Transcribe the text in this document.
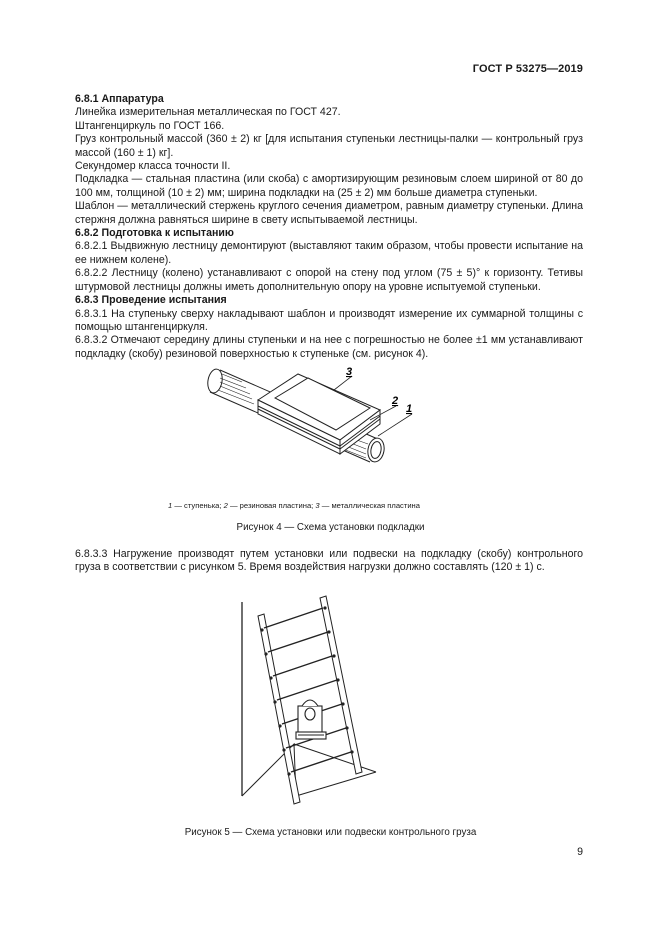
ГОСТ Р 53275—2019

6.8.1 Аппаратура

Линейка измерительная металлическая по ГОСТ 427.

Штангенциркуль по ГОСТ 166.

Груз контрольный массой (360 ± 2) кг [для испытания ступеньки лестницы-палки — контрольный груз массой (160 ± 1) кг].

Секундомер класса точности II.

Подкладка — стальная пластина (или скоба) с амортизирующим резиновым слоем шириной от 80 до 100 мм, толщиной (10 ± 2) мм; ширина подкладки на (25 ± 2) мм больше диаметра ступеньки.

Шаблон — металлический стержень круглого сечения диаметром, равным диаметру ступеньки. Длина стержня должна равняться ширине в свету испытываемой лестницы.

6.8.2 Подготовка к испытанию

6.8.2.1 Выдвижную лестницу демонтируют (выставляют таким образом, чтобы провести испытание на ее нижнем колене).

6.8.2.2 Лестницу (колено) устанавливают с опорой на стену под углом (75 ± 5)° к горизонту. Тетивы штурмовой лестницы должны иметь дополнительную опору на уровне испытуемой ступеньки.

6.8.3 Проведение испытания

6.8.3.1 На ступеньку сверху накладывают шаблон и производят измерение их суммарной толщины с помощью штангенциркуля.

6.8.3.2 Отмечают середину длины ступеньки и на нее с погрешностью не более ±1 мм устанавливают подкладку (скобу) резиновой поверхностью к ступеньке (см. рисунок 4).

3
2
1
1 — ступенька; 2 — резиновая пластина; 3 — металлическая пластина
Рисунок 4 — Схема установки подкладки

6.8.3.3 Нагружение производят путем установки или подвески на подкладку (скобу) контрольного груза в соответствии с рисунком 5. Время воздействия нагрузки должно составлять (120 ± 1) с.

Рисунок 5 — Схема установки или подвески контрольного груза
9
